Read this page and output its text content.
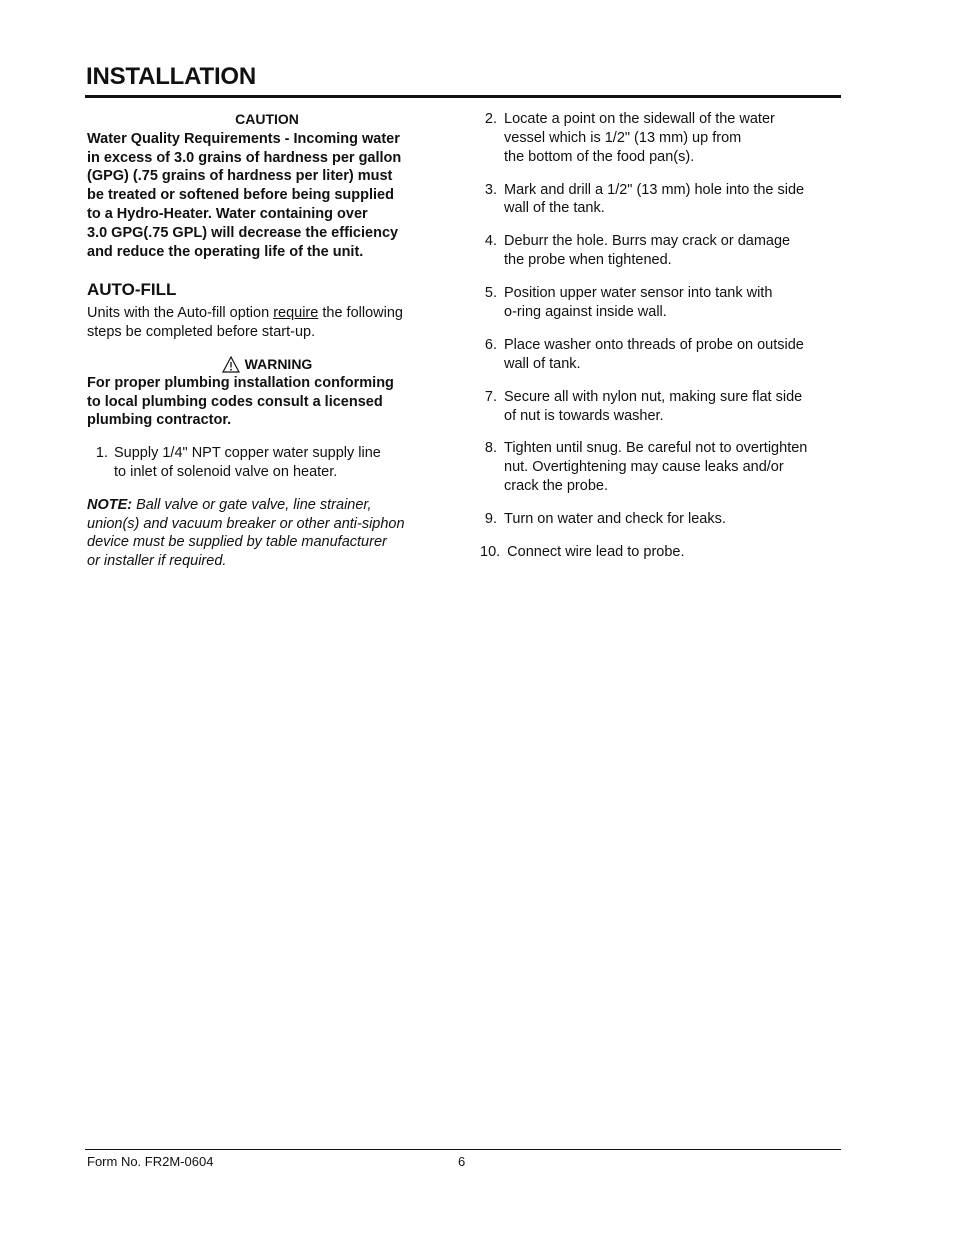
INSTALLATION

CAUTION

Water Quality Requirements - Incoming water
in excess of 3.0 grains of hardness per gallon
(GPG) (.75 grains of hardness per liter) must
be treated or softened before being supplied
to a Hydro-Heater. Water containing over
3.0 GPG(.75 GPL) will decrease the efficiency
and reduce the operating life of the unit.

AUTO-FILL

Units with the Auto-fill option require the following
steps be completed before start-up.

WARNING

For proper plumbing installation conforming
to local plumbing codes consult a licensed
plumbing contractor.

1. Supply 1/4" NPT copper water supply line
to inlet of solenoid valve on heater.

NOTE: Ball valve or gate valve, line strainer,
union(s) and vacuum breaker or other anti-siphon
device must be supplied by table manufacturer
or installer if required.

2. Locate a point on the sidewall of the water
vessel which is 1/2" (13 mm) up from
the bottom of the food pan(s).
3. Mark and drill a 1/2" (13 mm) hole into the side
wall of the tank.
4. Deburr the hole. Burrs may crack or damage
the probe when tightened.
5. Position upper water sensor into tank with
o-ring against inside wall.
6. Place washer onto threads of probe on outside
wall of tank.
7. Secure all with nylon nut, making sure flat side
of nut is towards washer.
8. Tighten until snug. Be careful not to overtighten
nut. Overtightening may cause leaks and/or
crack the probe.
9. Turn on water and check for leaks.
10. Connect wire lead to probe.
Form No. FR2M-0604	6
